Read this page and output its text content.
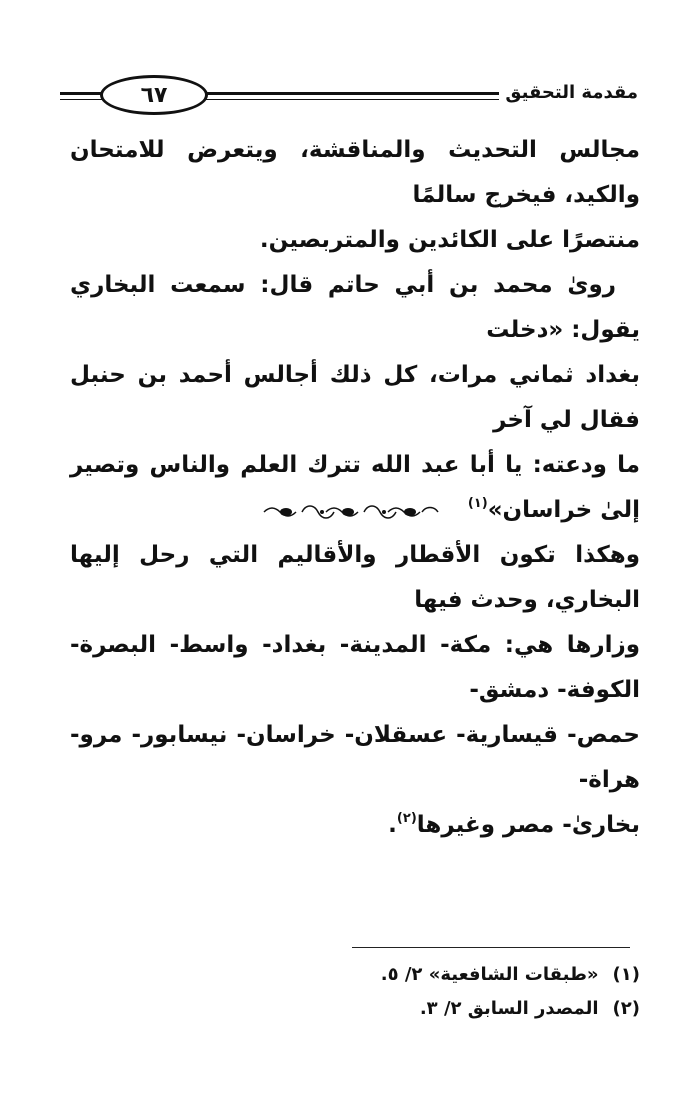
٦٧	مقدمة التحقيق

مجالس التحديث والمناقشة، ويتعرض للامتحان والكيد، فيخرج سالمًا

منتصرًا على الكائدين والمتربصين.

رویٰ محمد بن أبي حاتم قال: سمعت البخاري يقول: «دخلت

بغداد ثماني مرات، كل ذلك أجالس أحمد بن حنبل فقال لي آخر

ما ودعته: يا أبا عبد الله تترك العلم والناس وتصير إلىٰ خراسان»$^{(١)}$

وهكذا تكون الأقطار والأقاليم التي رحل إليها البخاري، وحدث فيها

وزارها هي: مكة- المدينة- بغداد- واسط- البصرة- الكوفة- دمشق-

حمص- قيسارية- عسقلان- خراسان- نيسابور- مرو- هراة-

بخارىٰ- مصر وغيرها$^{(٢)}$.

(١)«طبقات الشافعية» ٢/ ٥.
(٢)المصدر السابق ٢/ ٣.
